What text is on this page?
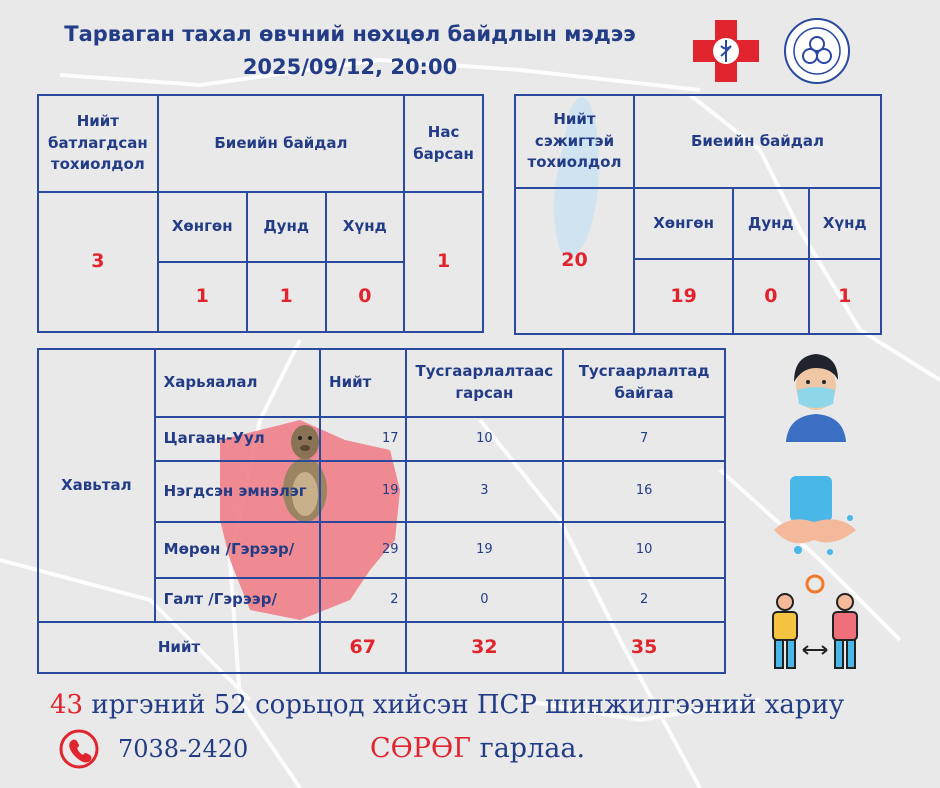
Тарваган тахал өвчний нөхцөл байдлын мэдээ
2025/09/12, 20:00
Нийт батлагдсан тохиолдол	Биеийн байдал			Нас барсан
3	Хөнгөн	Дунд	Хүнд	1
	1	1	0	
Нийт сэжигтэй тохиолдол	Биеийн байдал		
20	Хөнгөн	Дунд	Хүнд
	19	0	1
Хавьтал	Харьяалал	Нийт	Тусгаарлалтаас гарсан	Тусгаарлалтад байгаа
	Цагаан-Уул	17	10	7
	Нэгдсэн эмнэлэг	19	3	16
	Мөрөн /Гэрээр/	29	19	10
	Галт /Гэрээр/	2	0	2
Нийт		67	32	35
43 иргэний 52 сорьцод хийсэн ПСР шинжилгээний хариу
7038-2420	СӨРӨГ гарлаа.
